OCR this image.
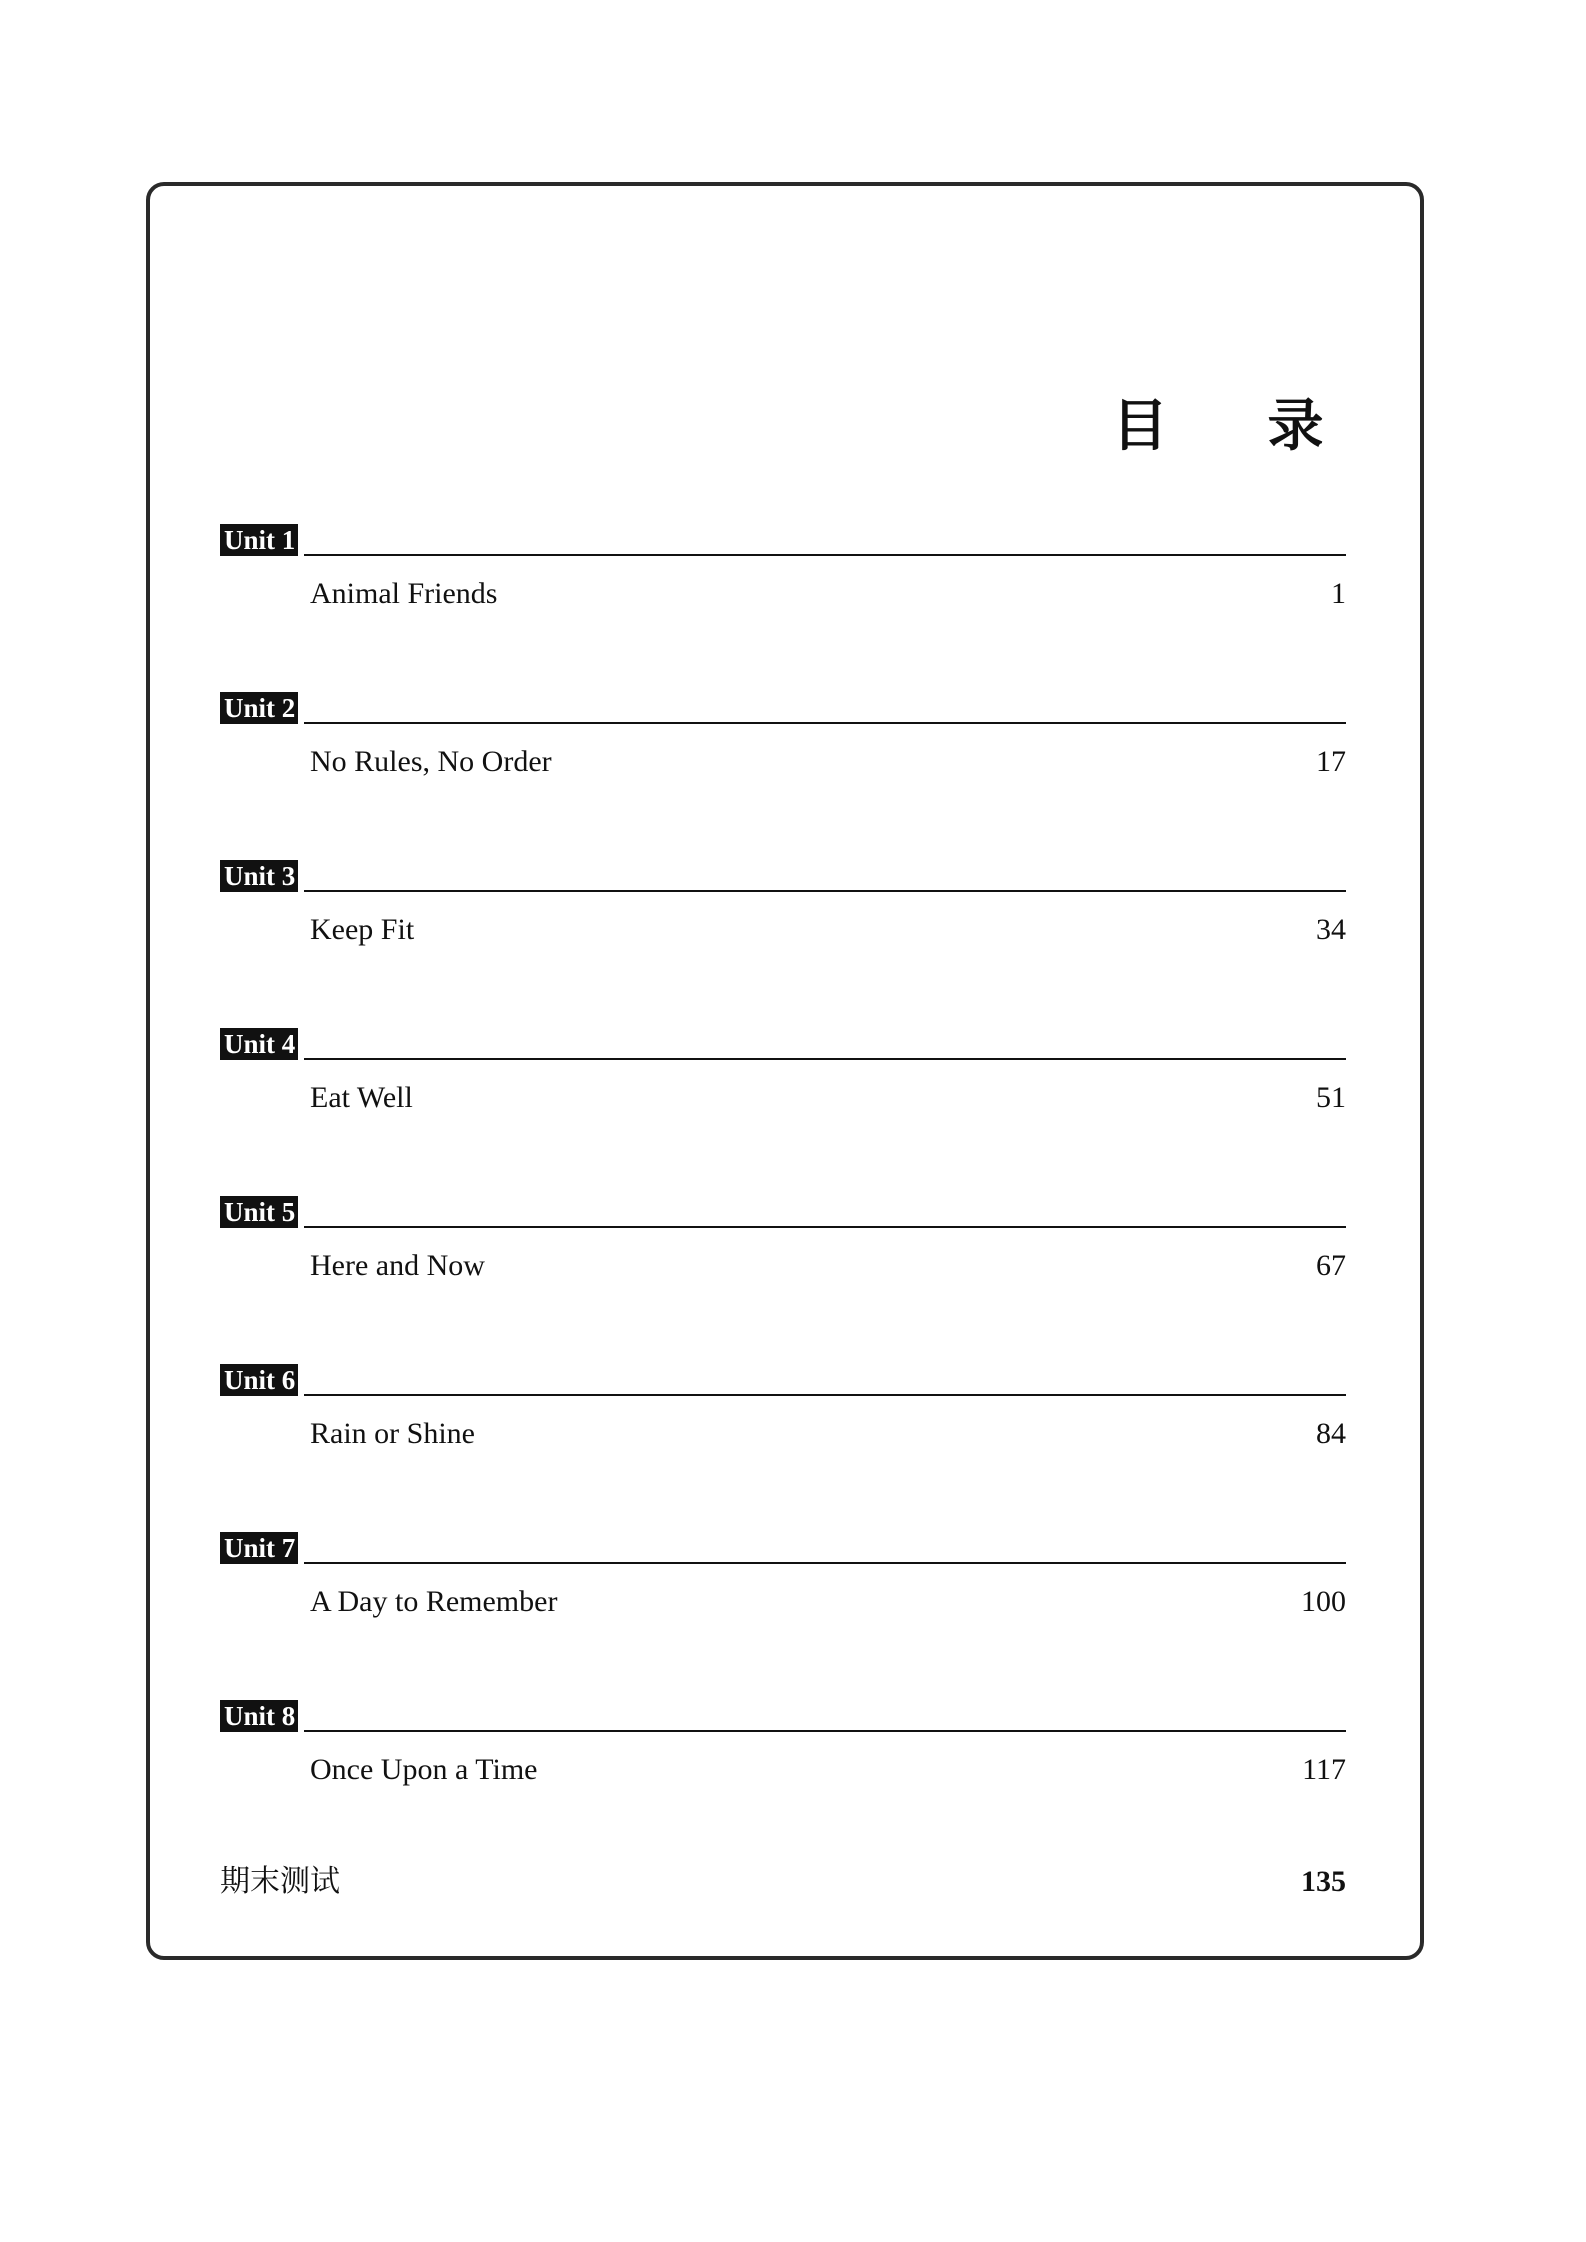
目 录
Unit 1
Animal Friends	1
Unit 2
No Rules, No Order	17
Unit 3
Keep Fit	34
Unit 4
Eat Well	51
Unit 5
Here and Now	67
Unit 6
Rain or Shine	84
Unit 7
A Day to Remember	100
Unit 8
Once Upon a Time	117
期末测试	135
